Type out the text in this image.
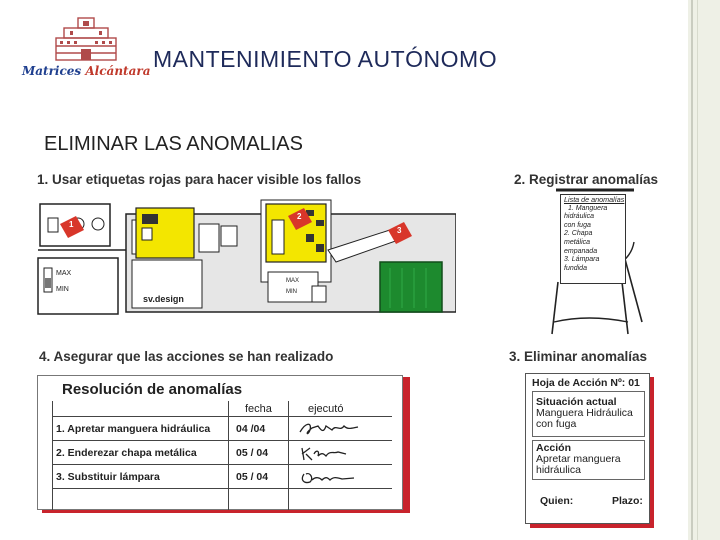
Matrices Alcántara MANTENIMIENTO AUTÓNOMO
ELIMINAR LAS ANOMALIAS
1. Usar etiquetas rojas para hacer visible los fallos	2. Registrar anomalías
4. Asegurar que las acciones se han realizado	3. Eliminar anomalías
1
2
3
MAX
MIN
MAX
MIN
sv.design
Lista de anomalías
1. Manguera
hidráulica
con fuga
2. Chapa
metálica
empanada
3. Lámpara
fundida
Resolución de anomalías
fecha	ejecutó
1. Apretar manguera hidráulica 04 /04
2. Enderezar chapa metálica	05 / 04
3. Substituir lámpara	05 / 04
Hoja de Acción Nº: 01
Situación actual
Manguera Hidráulica
con fuga
Acción
Apretar manguera
hidráulica
Quien:	Plazo:
